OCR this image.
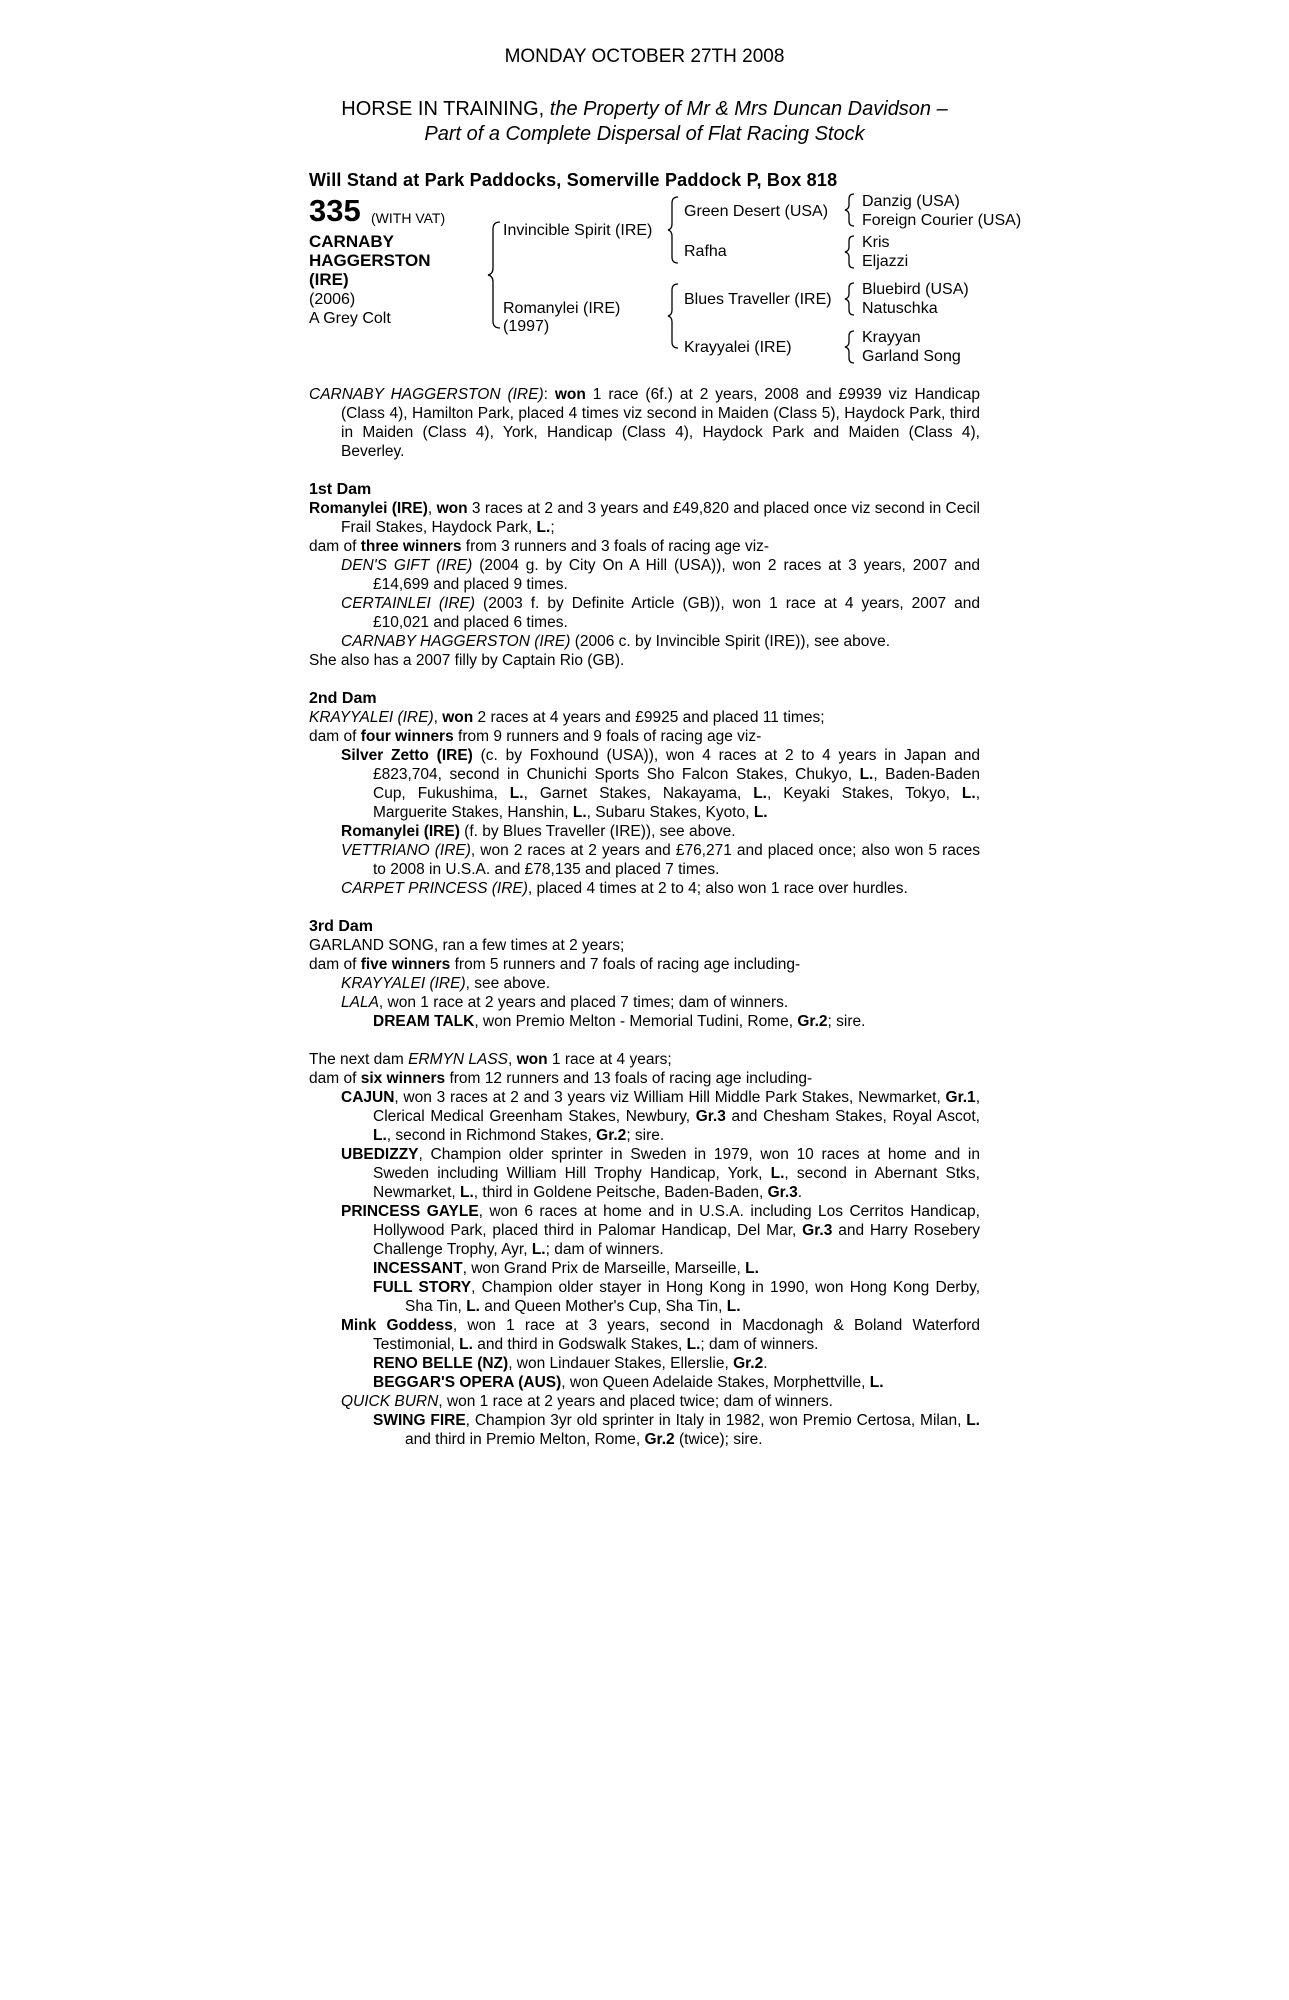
MONDAY OCTOBER 27TH 2008
HORSE IN TRAINING, the Property of Mr & Mrs Duncan Davidson –
Part of a Complete Dispersal of Flat Racing Stock
Will Stand at Park Paddocks, Somerville Paddock P, Box 818
335 (WITH VAT)
CARNABY
HAGGERSTON
(IRE)
(2006)
A Grey Colt
Invincible Spirit (IRE)
Romanylei (IRE)
(1997)
Green Desert (USA)
Rafha
Blues Traveller (IRE)
Krayyalei (IRE)
Danzig (USA)
Foreign Courier (USA)
Kris
Eljazzi
Bluebird (USA)
Natuschka
Krayyan
Garland Song

CARNABY HAGGERSTON (IRE): won 1 race (6f.) at 2 years, 2008 and £9939 viz Handicap (Class 4), Hamilton Park, placed 4 times viz second in Maiden (Class 5), Haydock Park, third in Maiden (Class 4), York, Handicap (Class 4), Haydock Park and Maiden (Class 4), Beverley.

1st Dam

Romanylei (IRE), won 3 races at 2 and 3 years and £49,820 and placed once viz second in Cecil Frail Stakes, Haydock Park, L.;

dam of three winners from 3 runners and 3 foals of racing age viz-

DEN'S GIFT (IRE) (2004 g. by City On A Hill (USA)), won 2 races at 3 years, 2007 and £14,699 and placed 9 times.

CERTAINLEI (IRE) (2003 f. by Definite Article (GB)), won 1 race at 4 years, 2007 and £10,021 and placed 6 times.

CARNABY HAGGERSTON (IRE) (2006 c. by Invincible Spirit (IRE)), see above.

She also has a 2007 filly by Captain Rio (GB).

2nd Dam

KRAYYALEI (IRE), won 2 races at 4 years and £9925 and placed 11 times;

dam of four winners from 9 runners and 9 foals of racing age viz-

Silver Zetto (IRE) (c. by Foxhound (USA)), won 4 races at 2 to 4 years in Japan and £823,704, second in Chunichi Sports Sho Falcon Stakes, Chukyo, L., Baden-Baden Cup, Fukushima, L., Garnet Stakes, Nakayama, L., Keyaki Stakes, Tokyo, L., Marguerite Stakes, Hanshin, L., Subaru Stakes, Kyoto, L.

Romanylei (IRE) (f. by Blues Traveller (IRE)), see above.

VETTRIANO (IRE), won 2 races at 2 years and £76,271 and placed once; also won 5 races to 2008 in U.S.A. and £78,135 and placed 7 times.

CARPET PRINCESS (IRE), placed 4 times at 2 to 4; also won 1 race over hurdles.

3rd Dam

GARLAND SONG, ran a few times at 2 years;

dam of five winners from 5 runners and 7 foals of racing age including-

KRAYYALEI (IRE), see above.

LALA, won 1 race at 2 years and placed 7 times; dam of winners.

DREAM TALK, won Premio Melton - Memorial Tudini, Rome, Gr.2; sire.

The next dam ERMYN LASS, won 1 race at 4 years;

dam of six winners from 12 runners and 13 foals of racing age including-

CAJUN, won 3 races at 2 and 3 years viz William Hill Middle Park Stakes, Newmarket, Gr.1, Clerical Medical Greenham Stakes, Newbury, Gr.3 and Chesham Stakes, Royal Ascot, L., second in Richmond Stakes, Gr.2; sire.

UBEDIZZY, Champion older sprinter in Sweden in 1979, won 10 races at home and in Sweden including William Hill Trophy Handicap, York, L., second in Abernant Stks, Newmarket, L., third in Goldene Peitsche, Baden-Baden, Gr.3.

PRINCESS GAYLE, won 6 races at home and in U.S.A. including Los Cerritos Handicap, Hollywood Park, placed third in Palomar Handicap, Del Mar, Gr.3 and Harry Rosebery Challenge Trophy, Ayr, L.; dam of winners.

INCESSANT, won Grand Prix de Marseille, Marseille, L.

FULL STORY, Champion older stayer in Hong Kong in 1990, won Hong Kong Derby, Sha Tin, L. and Queen Mother's Cup, Sha Tin, L.

Mink Goddess, won 1 race at 3 years, second in Macdonagh & Boland Waterford Testimonial, L. and third in Godswalk Stakes, L.; dam of winners.

RENO BELLE (NZ), won Lindauer Stakes, Ellerslie, Gr.2.

BEGGAR'S OPERA (AUS), won Queen Adelaide Stakes, Morphettville, L.

QUICK BURN, won 1 race at 2 years and placed twice; dam of winners.

SWING FIRE, Champion 3yr old sprinter in Italy in 1982, won Premio Certosa, Milan, L. and third in Premio Melton, Rome, Gr.2 (twice); sire.
